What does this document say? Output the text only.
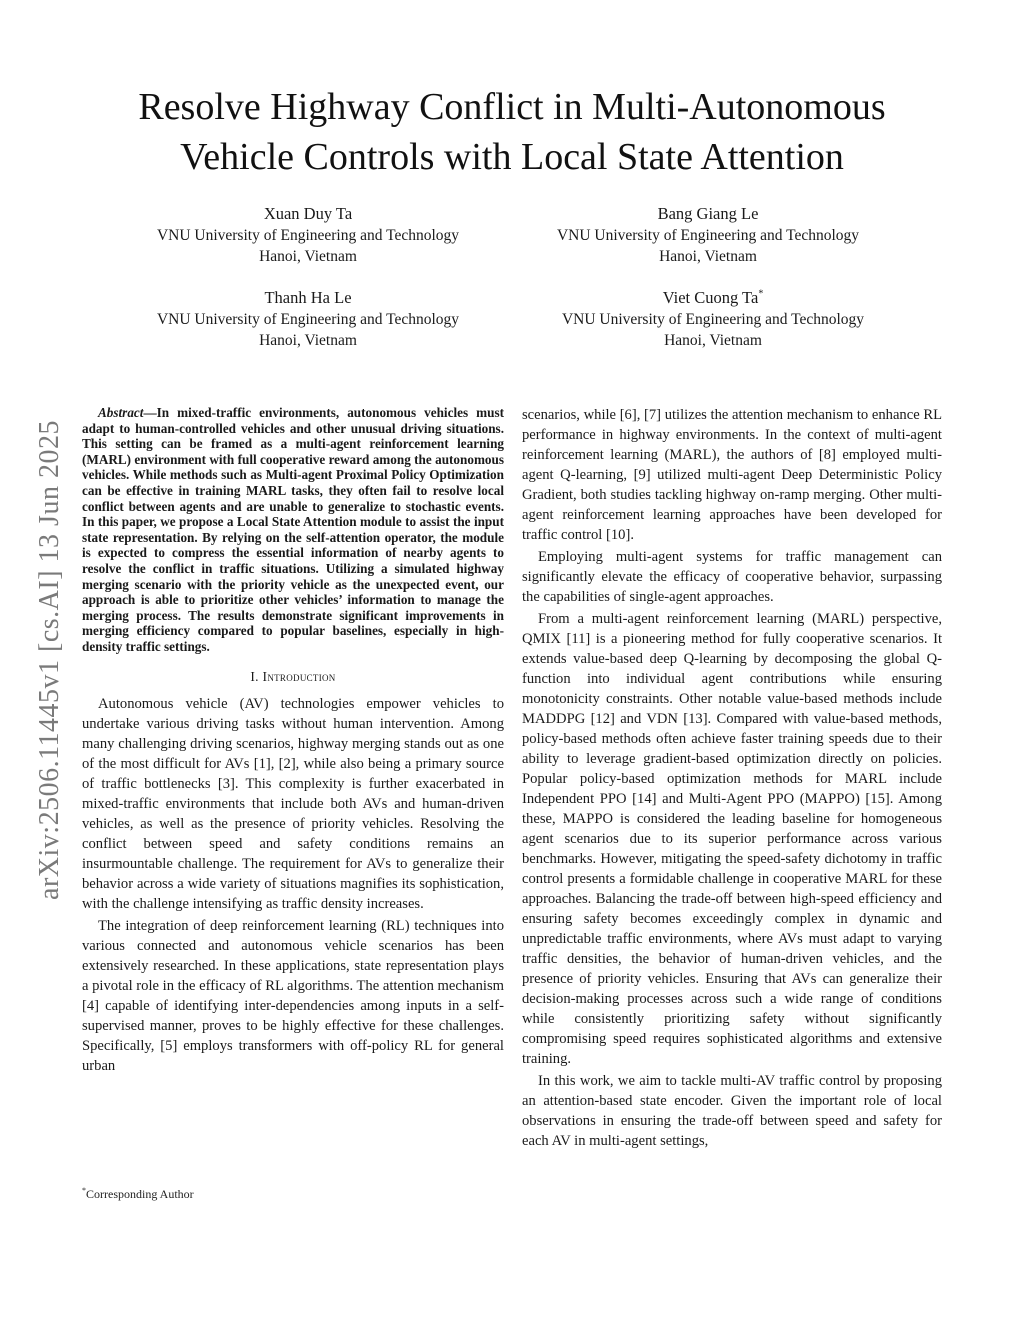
Resolve Highway Conflict in Multi-Autonomous
Vehicle Controls with Local State Attention
Xuan Duy Ta
VNU University of Engineering and Technology
Hanoi, Vietnam
Bang Giang Le
VNU University of Engineering and Technology
Hanoi, Vietnam
Thanh Ha Le
VNU University of Engineering and Technology
Hanoi, Vietnam
Viet Cuong Ta*
VNU University of Engineering and Technology
Hanoi, Vietnam
arXiv:2506.11445v1 [cs.AI] 13 Jun 2025

Abstract—In mixed-traffic environments, autonomous vehicles must adapt to human-controlled vehicles and other unusual driving situations. This setting can be framed as a multi-agent reinforcement learning (MARL) environment with full cooperative reward among the autonomous vehicles. While methods such as Multi-agent Proximal Policy Optimization can be effective in training MARL tasks, they often fail to resolve local conflict between agents and are unable to generalize to stochastic events. In this paper, we propose a Local State Attention module to assist the input state representation. By relying on the self-attention operator, the module is expected to compress the essential information of nearby agents to resolve the conflict in traffic situations. Utilizing a simulated highway merging scenario with the priority vehicle as the unexpected event, our approach is able to prioritize other vehicles’ information to manage the merging process. The results demonstrate significant improvements in merging efficiency compared to popular baselines, especially in high-density traffic settings.

I. Introduction

Autonomous vehicle (AV) technologies empower vehicles to undertake various driving tasks without human intervention. Among many challenging driving scenarios, highway merging stands out as one of the most difficult for AVs [1], [2], while also being a primary source of traffic bottlenecks [3]. This complexity is further exacerbated in mixed-traffic environments that include both AVs and human-driven vehicles, as well as the presence of priority vehicles. Resolving the conflict between speed and safety conditions remains an insurmountable challenge. The requirement for AVs to generalize their behavior across a wide variety of situations magnifies its sophistication, with the challenge intensifying as traffic density increases.

The integration of deep reinforcement learning (RL) techniques into various connected and autonomous vehicle scenarios has been extensively researched. In these applications, state representation plays a pivotal role in the efficacy of RL algorithms. The attention mechanism [4] capable of identifying inter-dependencies among inputs in a self-supervised manner, proves to be highly effective for these challenges. Specifically, [5] employs transformers with off-policy RL for general urban

scenarios, while [6], [7] utilizes the attention mechanism to enhance RL performance in highway environments. In the context of multi-agent reinforcement learning (MARL), the authors of [8] employed multi-agent Q-learning, [9] utilized multi-agent Deep Deterministic Policy Gradient, both studies tackling highway on-ramp merging. Other multi-agent reinforcement learning approaches have been developed for traffic control [10].

Employing multi-agent systems for traffic management can significantly elevate the efficacy of cooperative behavior, surpassing the capabilities of single-agent approaches.

From a multi-agent reinforcement learning (MARL) perspective, QMIX [11] is a pioneering method for fully cooperative scenarios. It extends value-based deep Q-learning by decomposing the global Q-function into individual agent contributions while ensuring monotonicity constraints. Other notable value-based methods include MADDPG [12] and VDN [13]. Compared with value-based methods, policy-based methods often achieve faster training speeds due to their ability to leverage gradient-based optimization directly on policies. Popular policy-based optimization methods for MARL include Independent PPO [14] and Multi-Agent PPO (MAPPO) [15]. Among these, MAPPO is considered the leading baseline for homogeneous agent scenarios due to its superior performance across various benchmarks. However, mitigating the speed-safety dichotomy in traffic control presents a formidable challenge in cooperative MARL for these approaches. Balancing the trade-off between high-speed efficiency and ensuring safety becomes exceedingly complex in dynamic and unpredictable traffic environments, where AVs must adapt to varying traffic densities, the behavior of human-driven vehicles, and the presence of priority vehicles. Ensuring that AVs can generalize their decision-making processes across such a wide range of conditions while consistently prioritizing safety without significantly compromising speed requires sophisticated algorithms and extensive training.

In this work, we aim to tackle multi-AV traffic control by proposing an attention-based state encoder. Given the important role of local observations in ensuring the trade-off between speed and safety for each AV in multi-agent settings,

*Corresponding Author
